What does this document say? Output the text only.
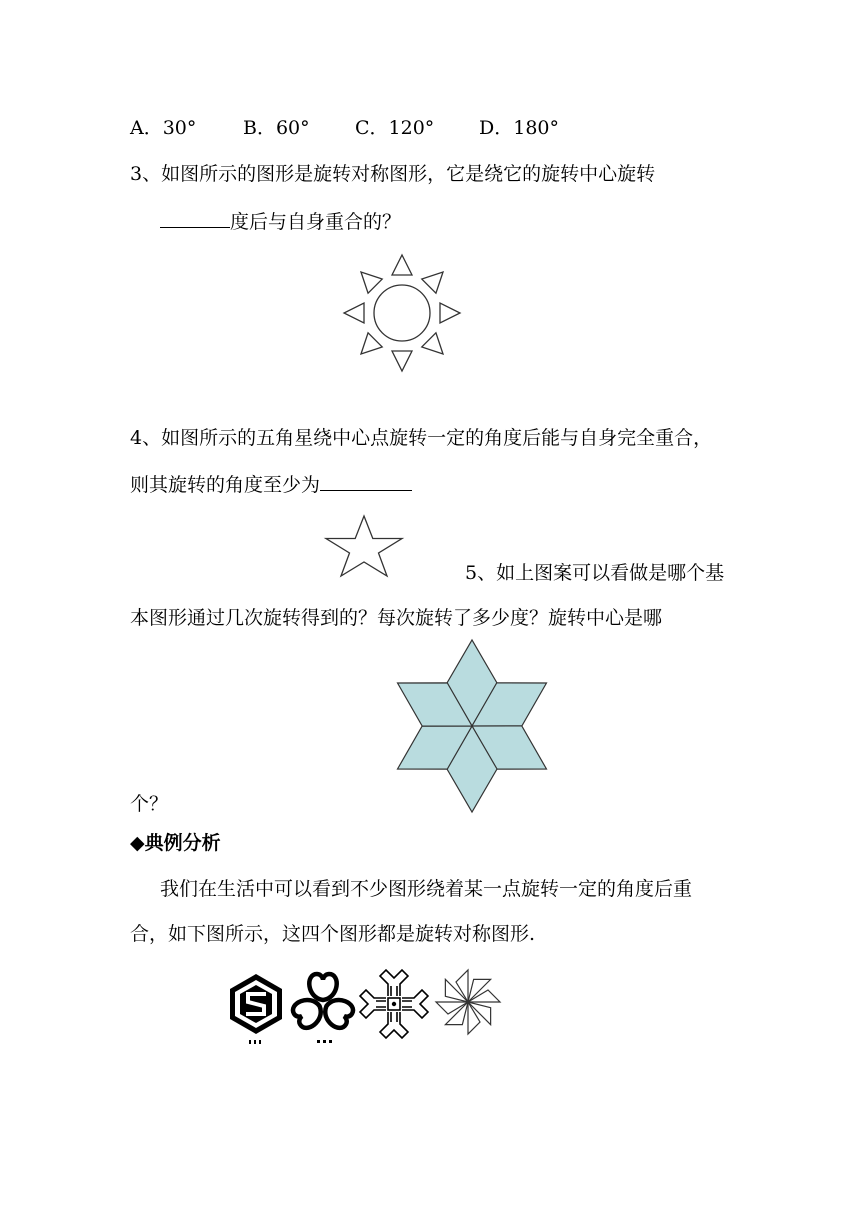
A．30° B．60° C．120° D．180°
3、如图所示的图形是旋转对称图形，它是绕它的旋转中心旋转
度后与自身重合的？
4、如图所示的五角星绕中心点旋转一定的角度后能与自身完全重合，
则其旋转的角度至少为
5、如上图案可以看做是哪个基
本图形通过几次旋转得到的？每次旋转了多少度？旋转中心是哪
个？
◆典例分析
我们在生活中可以看到不少图形绕着某一点旋转一定的角度后重
合，如下图所示，这四个图形都是旋转对称图形.
